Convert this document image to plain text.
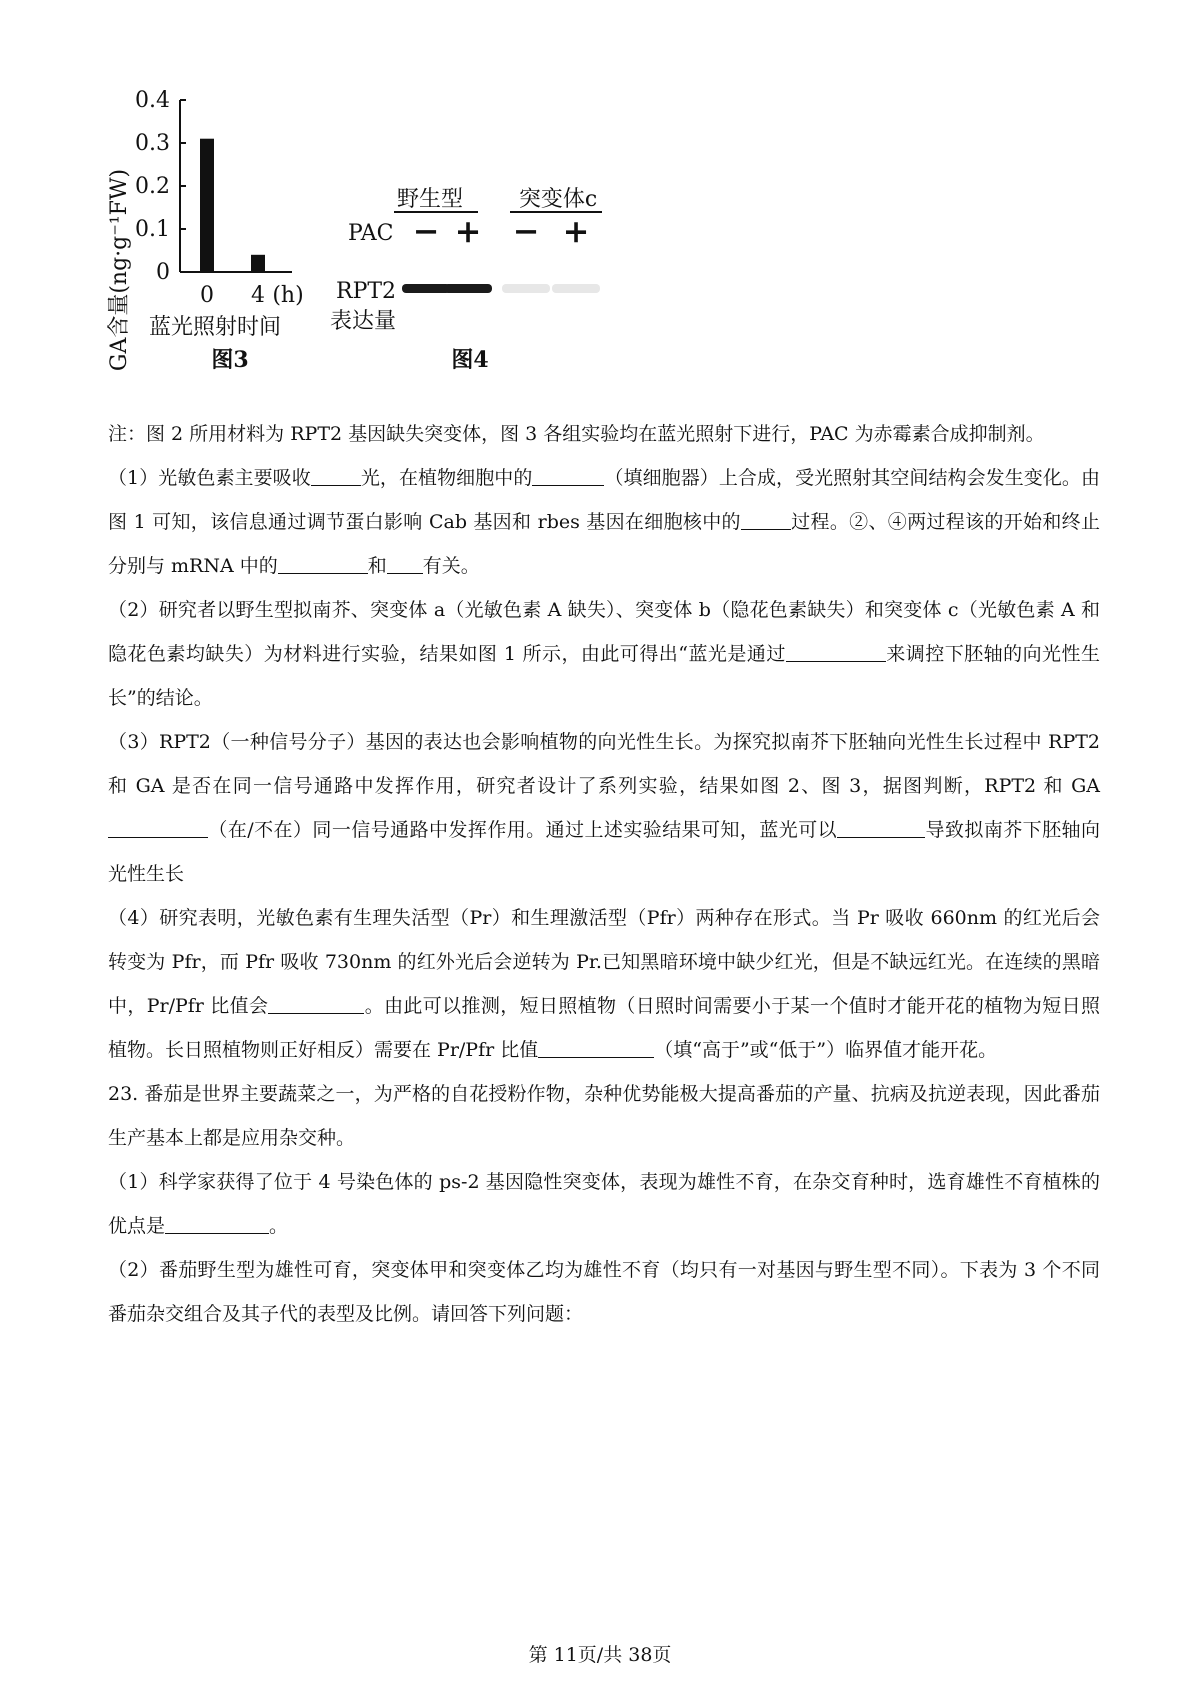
0
0.1
0.2
0.3
0.4
0 4 (h)
GA含量(ng·g⁻¹FW) 蓝光照射时间
图3
野生型	突变体c
PAC − + − +
RPT2
表达量
图4

注：图 2 所用材料为 RPT2 基因缺失突变体，图 3 各组实验均在蓝光照射下进行，PAC 为赤霉素合成抑制剂。

（1）光敏色素主要吸收	光，在植物细胞中的	（填细胞器）上合成，受光照射其空间结构会发生变化。由图 1 可知，该信息通过调节蛋白影响 Cab 基因和 rbes 基因在细胞核中的	过程。②、④两过程该的开始和终止分别与 mRNA 中的	和 有关。

（2）研究者以野生型拟南芥、突变体 a（光敏色素 A 缺失）、突变体 b（隐花色素缺失）和突变体 c（光敏色素 A 和隐花色素均缺失）为材料进行实验，结果如图 1 所示，由此可得出“蓝光是通过	来调控下胚轴的向光性生长”的结论。

（3）RPT2（一种信号分子）基因的表达也会影响植物的向光性生长。为探究拟南芥下胚轴向光性生长过程中 RPT2 和 GA 是否在同一信号通路中发挥作用，研究者设计了系列实验，结果如图 2、图 3，据图判断，RPT2 和 GA（在/不在）同一信号通路中发挥作用。通过上述实验结果可知，蓝光可以	导致拟南芥下胚轴向光性生长

（4）研究表明，光敏色素有生理失活型（Pr）和生理激活型（Pfr）两种存在形式。当 Pr 吸收 660nm 的红光后会转变为 Pfr，而 Pfr 吸收 730nm 的红外光后会逆转为 Pr.已知黑暗环境中缺少红光，但是不缺远红光。在连续的黑暗中，Pr/Pfr 比值会	。由此可以推测，短日照植物（日照时间需要小于某一个值时才能开花的植物为短日照植物。长日照植物则正好相反）需要在 Pr/Pfr 比值	（填“高于”或“低于”）临界值才能开花。

23. 番茄是世界主要蔬菜之一，为严格的自花授粉作物，杂种优势能极大提高番茄的产量、抗病及抗逆表现，因此番茄生产基本上都是应用杂交种。

（1）科学家获得了位于 4 号染色体的 ps-2 基因隐性突变体，表现为雄性不育，在杂交育种时，选育雄性不育植株的优点是	。

（2）番茄野生型为雄性可育，突变体甲和突变体乙均为雄性不育（均只有一对基因与野生型不同）。下表为 3 个不同番茄杂交组合及其子代的表型及比例。请回答下列问题：

第 11页/共 38页
